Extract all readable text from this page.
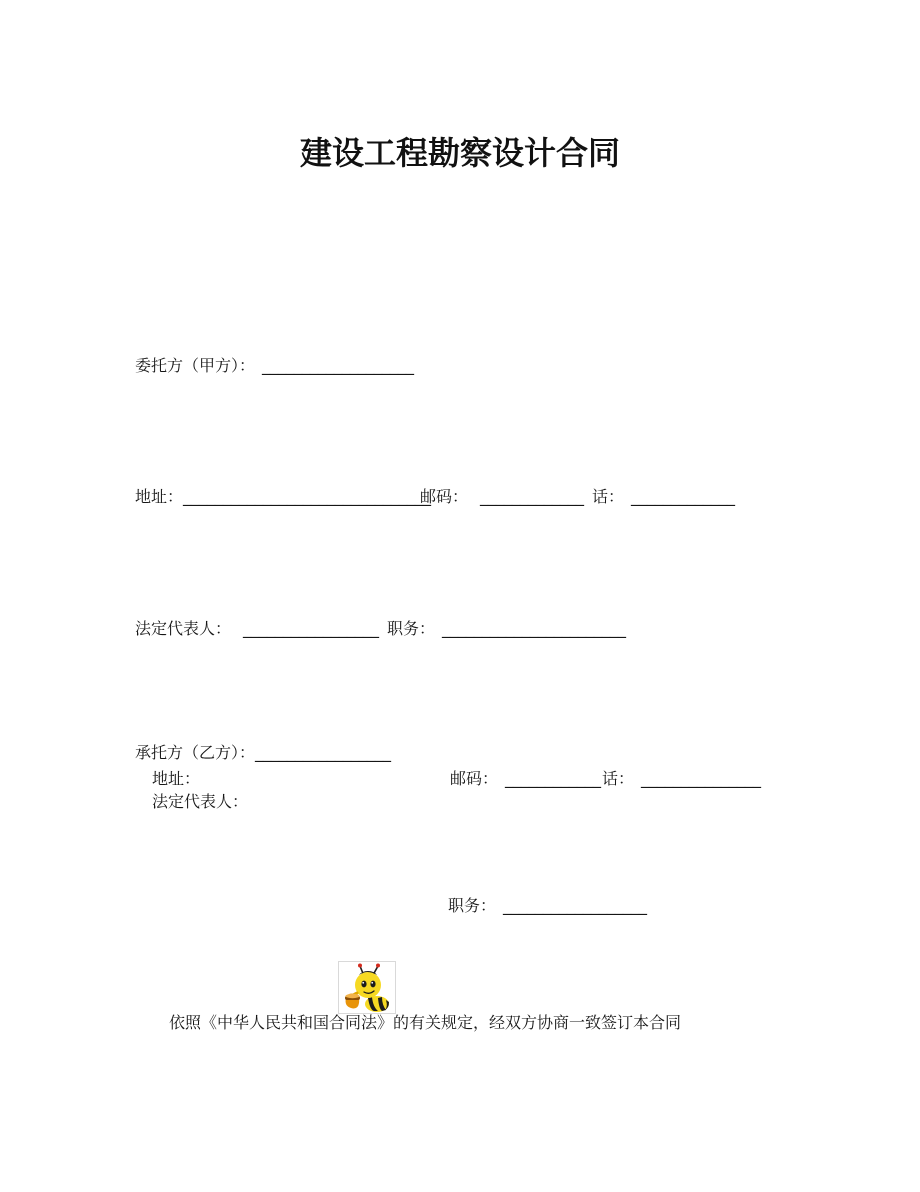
建设工程勘察设计合同
委托方（甲方）： ___________________
地址：_______________________________
邮码： _____________ 话： _____________
法定代表人： _________________ 职务： _______________________
承托方（乙方）：_________________
地址：	邮码： ____________ 话： _______________
法定代表人：
职务： __________________
依照《中华人民共和国合同法》的有关规定，经双方协商一致签订本合同
